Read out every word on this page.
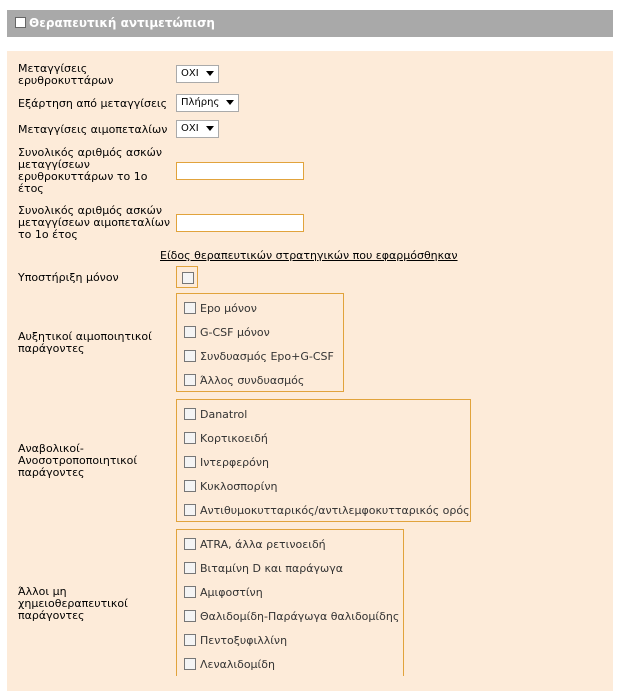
Θεραπευτική αντιμετώπιση
Μεταγγίσεις
ερυθροκυττάρων
ΟΧΙ
Εξάρτηση από μεταγγίσεις	Πλήρης
Μεταγγίσεις αιμοπεταλίων	ΟΧΙ
Συνολικός αριθμός ασκών
μεταγγίσεων
ερυθροκυττάρων το 1ο
έτος
Συνολικός αριθμός ασκών
μεταγγίσεων αιμοπεταλίων
το 1ο έτος
Είδος θεραπευτικών στρατηγικών που εφαρμόσθηκαν
Υποστήριξη μόνον
Αυξητικοί αιμοποιητικοί
παράγοντες
Epo μόνον
G-CSF μόνον
Συνδυασμός Epo+G-CSF
Άλλος συνδυασμός
Αναβολικοί-
Ανοσοτροποποιητικοί
παράγοντες
Danatrol
Κορτικοειδή
Ιντερφερόνη
Κυκλοσπορίνη
Αντιθυμοκυτταρικός/αντιλεμφοκυτταρικός ορός
Άλλοι μη
χημειοθεραπευτικοί
παράγοντες
ATRA, άλλα ρετινοειδή
Βιταμίνη D και παράγωγα
Αμιφοστίνη
Θαλιδομίδη-Παράγωγα θαλιδομίδης
Πεντοξυφιλλίνη
Λεναλιδομίδη
